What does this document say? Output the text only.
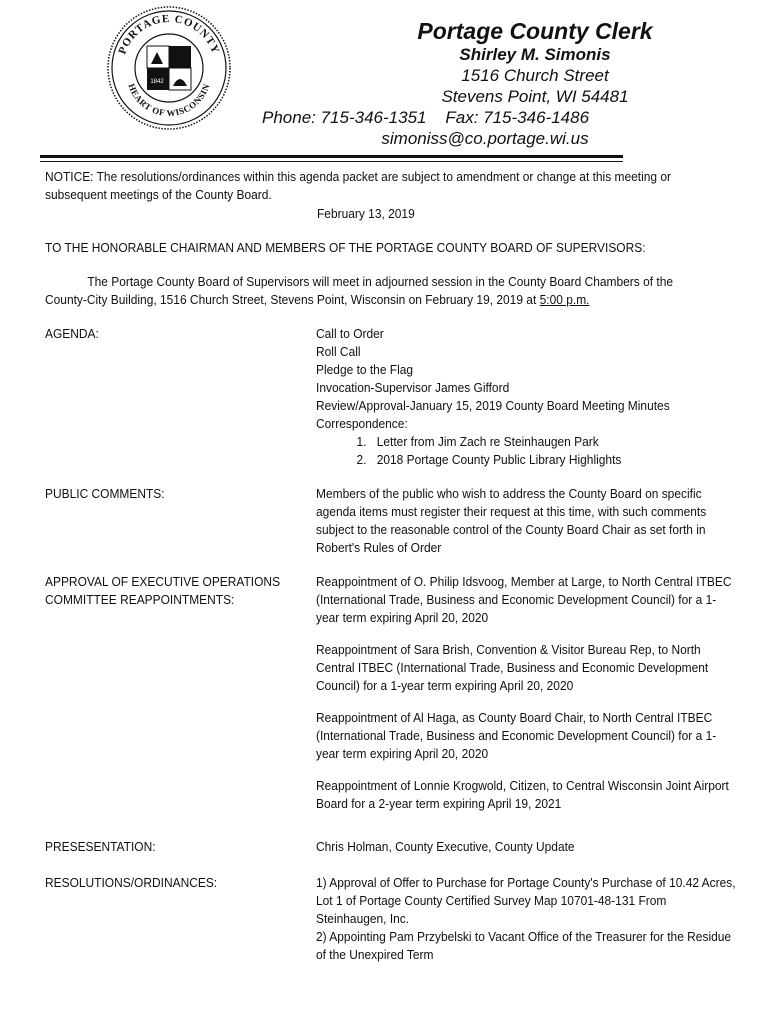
PORTAGE COUNTY
HEART OF WISCONSIN
1842
Portage County Clerk
Shirley M. Simonis
1516 Church Street
Stevens Point, WI 54481
Phone: 715-346-1351    Fax: 715-346-1486
simoniss@co.portage.wi.us
NOTICE: The resolutions/ordinances within this agenda packet are subject to amendment or change at this meeting or subsequent meetings of the County Board.
February 13, 2019
TO THE HONORABLE CHAIRMAN AND MEMBERS OF THE PORTAGE COUNTY BOARD OF SUPERVISORS:
The Portage County Board of Supervisors will meet in adjourned session in the County Board Chambers of the County-City Building, 1516 Church Street, Stevens Point, Wisconsin on February 19, 2019 at 5:00 p.m.
AGENDA:	Call to Order

Roll Call

Pledge to the Flag

Invocation-Supervisor James Gifford

Review/Approval-January 15, 2019 County Board Meeting Minutes

Correspondence:

1. Letter from Jim Zach re Steinhaugen Park

2. 2018 Portage County Public Library Highlights

PUBLIC COMMENTS:	Members of the public who wish to address the County Board on specific agenda items must register their request at this time, with such comments subject to the reasonable control of the County Board Chair as set forth in Robert's Rules of Order
APPROVAL OF EXECUTIVE OPERATIONS
COMMITTEE REAPPOINTMENTS:

Reappointment of O. Philip Idsvoog, Member at Large, to North Central ITBEC (International Trade, Business and Economic Development Council) for a 1-year term expiring April 20, 2020

Reappointment of Sara Brish, Convention & Visitor Bureau Rep, to North Central ITBEC (International Trade, Business and Economic Development Council) for a 1-year term expiring April 20, 2020

Reappointment of Al Haga, as County Board Chair, to North Central ITBEC (International Trade, Business and Economic Development Council) for a 1-year term expiring April 20, 2020

Reappointment of Lonnie Krogwold, Citizen, to Central Wisconsin Joint Airport Board for a 2-year term expiring April 19, 2021

PRESESENTATION:	Chris Holman, County Executive, County Update
RESOLUTIONS/ORDINANCES:	1) Approval of Offer to Purchase for Portage County's Purchase of 10.42 Acres, Lot 1 of Portage County Certified Survey Map 10701-48-131 From Steinhaugen, Inc.

2) Appointing Pam Przybelski to Vacant Office of the Treasurer for the Residue of the Unexpired Term
